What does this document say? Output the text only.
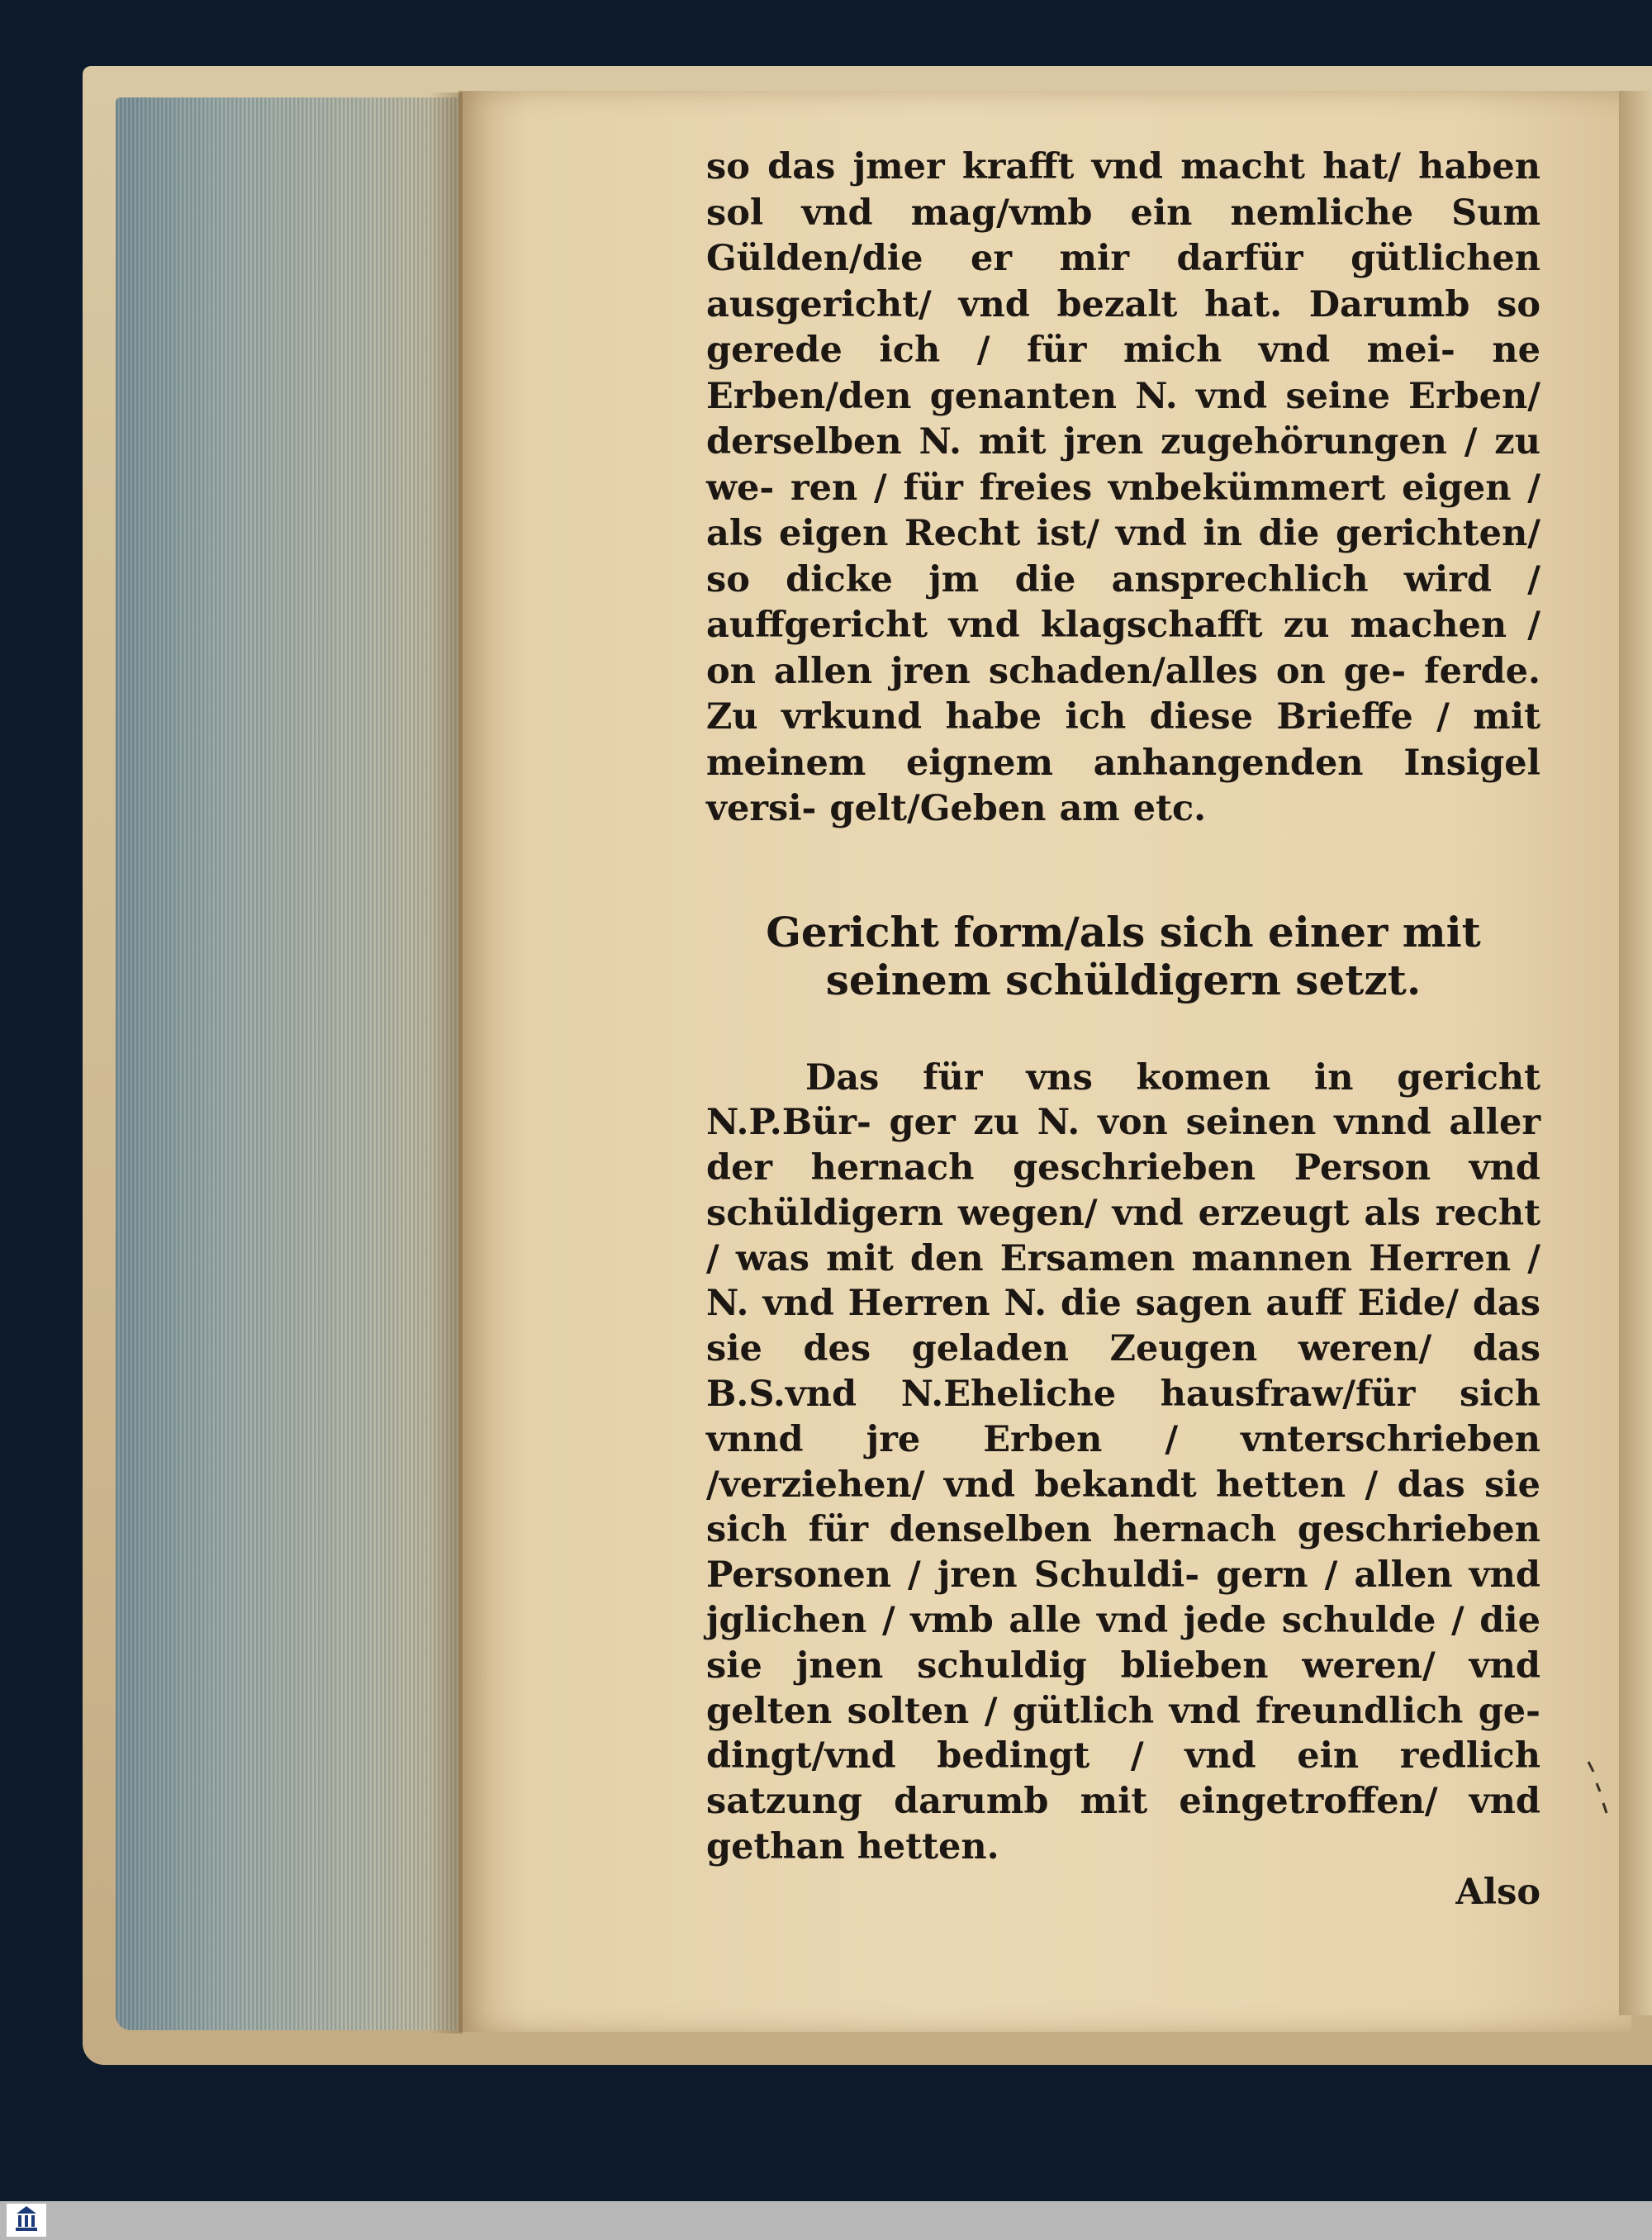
so das jmer krafft vnd macht hat/ haben sol vnd mag/vmb ein nemliche Sum Gülden/die er mir darfür gütlichen ausgericht/ vnd bezalt hat. Darumb so gerede ich / für mich vnd mei- ne Erben/den genanten N. vnd seine Erben/ derselben N. mit jren zugehörungen / zu we- ren / für freies vnbekümmert eigen / als eigen Recht ist/ vnd in die gerichten/ so dicke jm die ansprechlich wird / auffgericht vnd klagschafft zu machen / on allen jren schaden/alles on ge- ferde. Zu vrkund habe ich diese Brieffe / mit meinem eignem anhangenden Insigel versi- gelt/Geben am etc.

Gericht form/als sich einer mit
seinem schüldigern setzt.

Das für vns komen in gericht N.P.Bür- ger zu N. von seinen vnnd aller der hernach geschrieben Person vnd schüldigern wegen/ vnd erzeugt als recht / was mit den Ersamen mannen Herren / N. vnd Herren N. die sagen auff Eide/ das sie des geladen Zeugen weren/ das B.S.vnd N.Eheliche hausfraw/für sich vnnd jre Erben / vnterschrieben /verziehen/ vnd bekandt hetten / das sie sich für denselben hernach geschrieben Personen / jren Schuldi- gern / allen vnd jglichen / vmb alle vnd jede schulde / die sie jnen schuldig blieben weren/ vnd gelten solten / gütlich vnd freundlich ge- dingt/vnd bedingt / vnd ein redlich satzung darumb mit eingetroffen/ vnd gethan hetten.

Also
